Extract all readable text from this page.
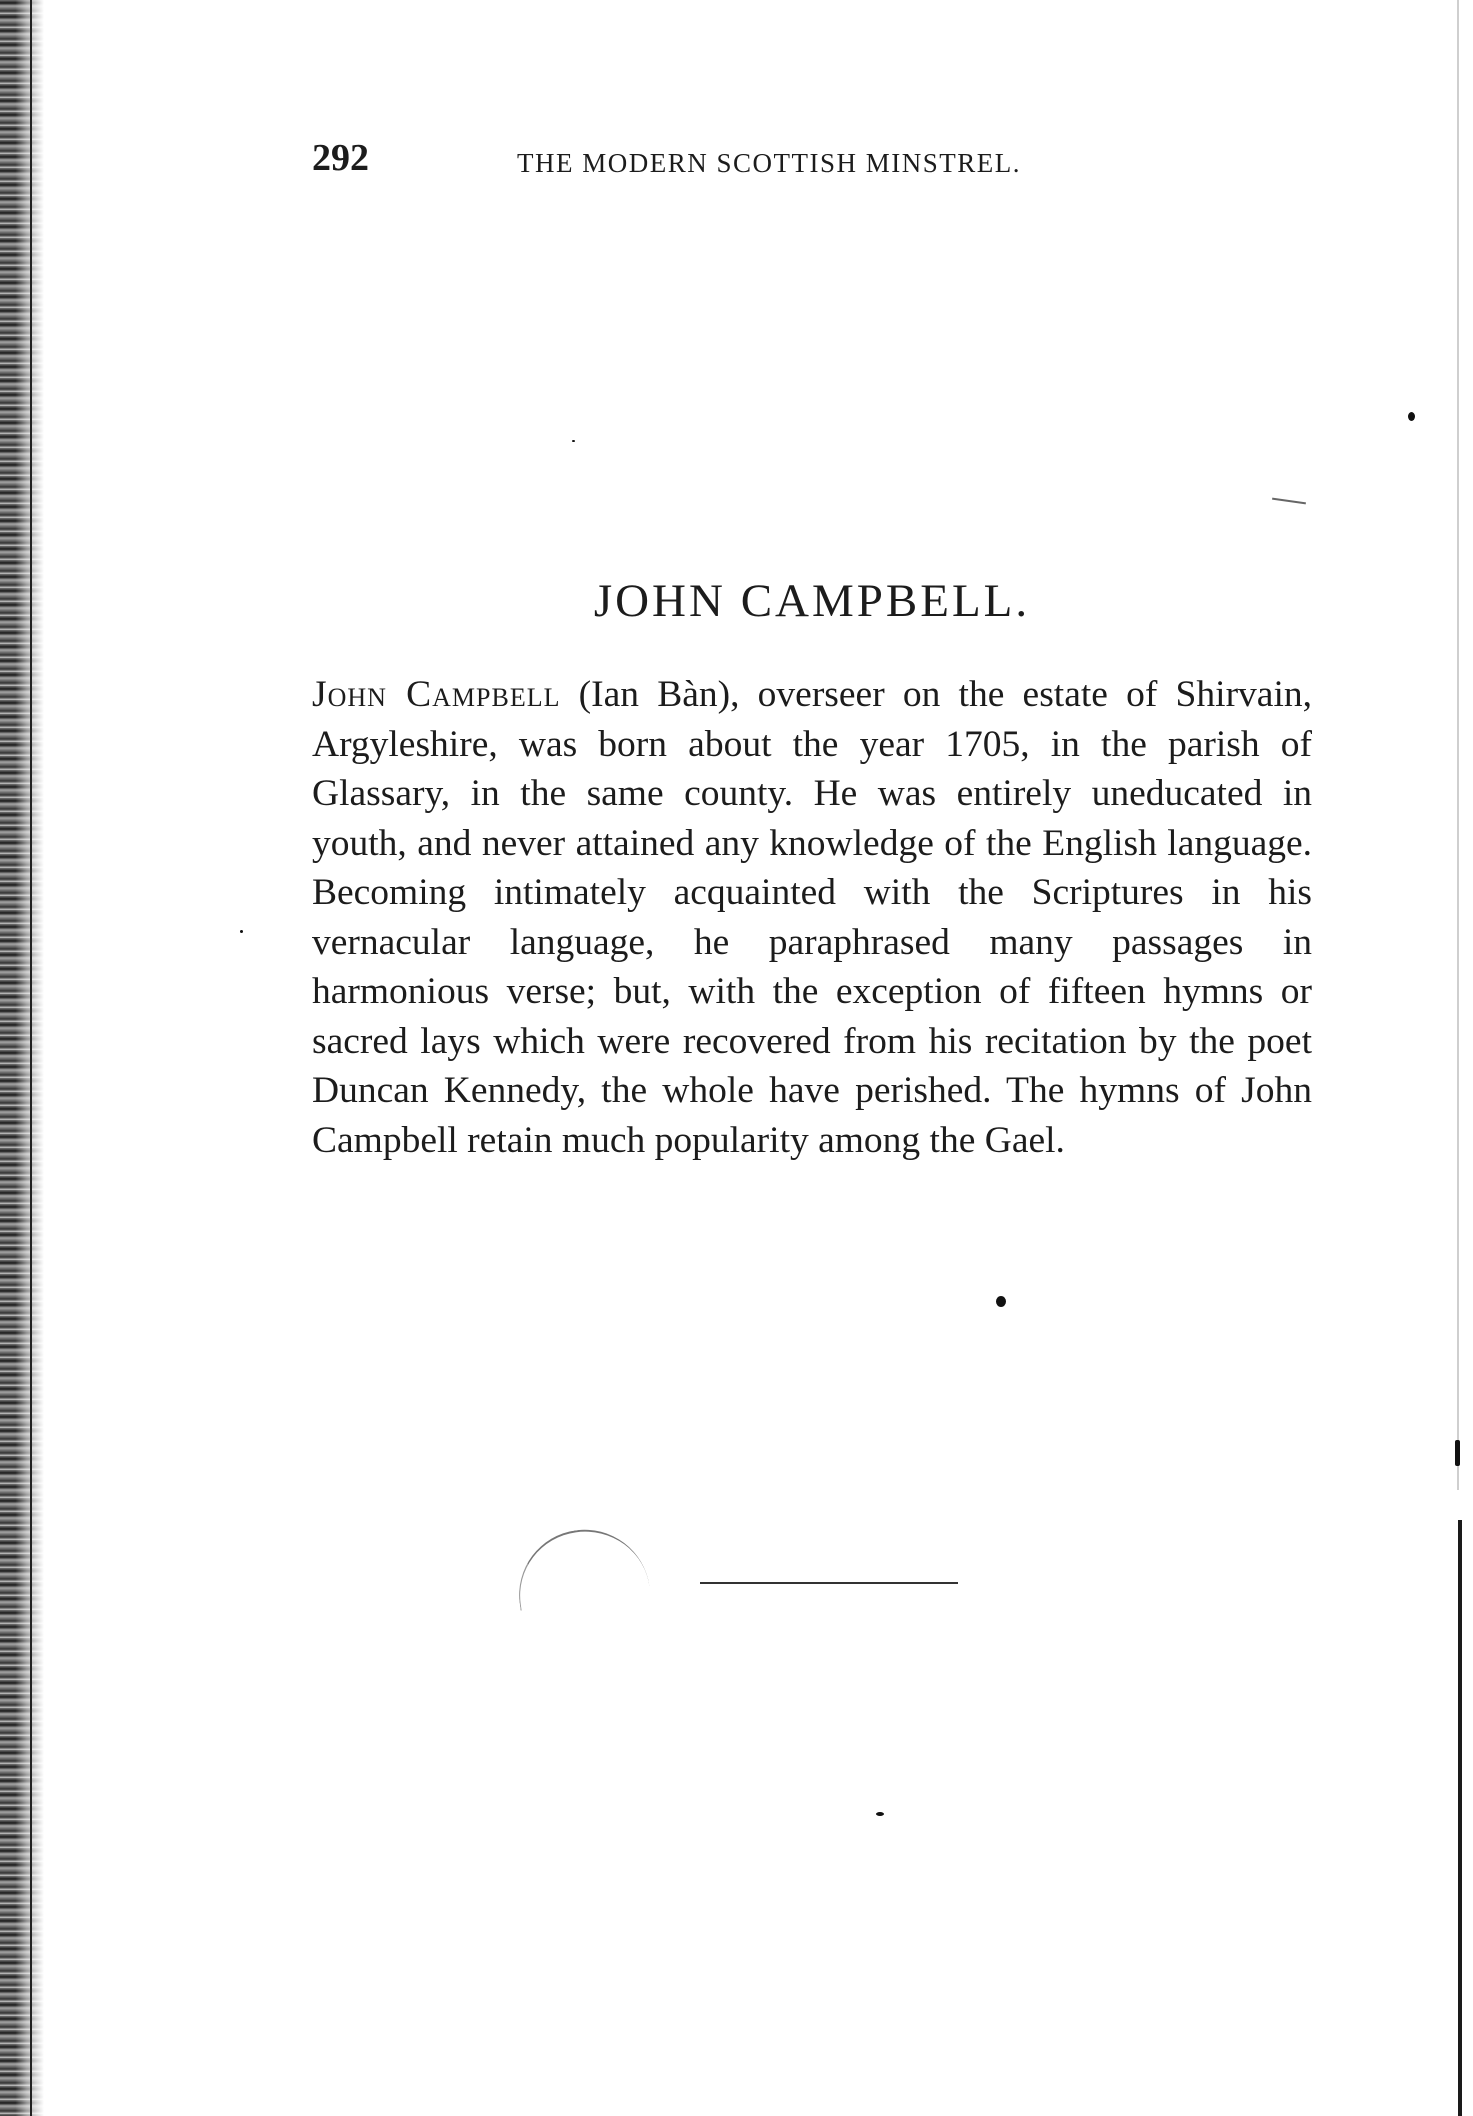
292	THE MODERN SCOTTISH MINSTREL.
JOHN CAMPBELL.

John Campbell (Ian Bàn), overseer on the estate of Shirvain, Argyleshire, was born about the year 1705, in the parish of Glassary, in the same county. He was entirely uneducated in youth, and never attained any knowledge of the English language. Becoming intimately acquainted with the Scriptures in his vernacular language, he paraphrased many passages in harmonious verse; but, with the exception of fifteen hymns or sacred lays which were recovered from his recitation by the poet Duncan Kennedy, the whole have perished. The hymns of John Campbell retain much popularity among the Gael.
